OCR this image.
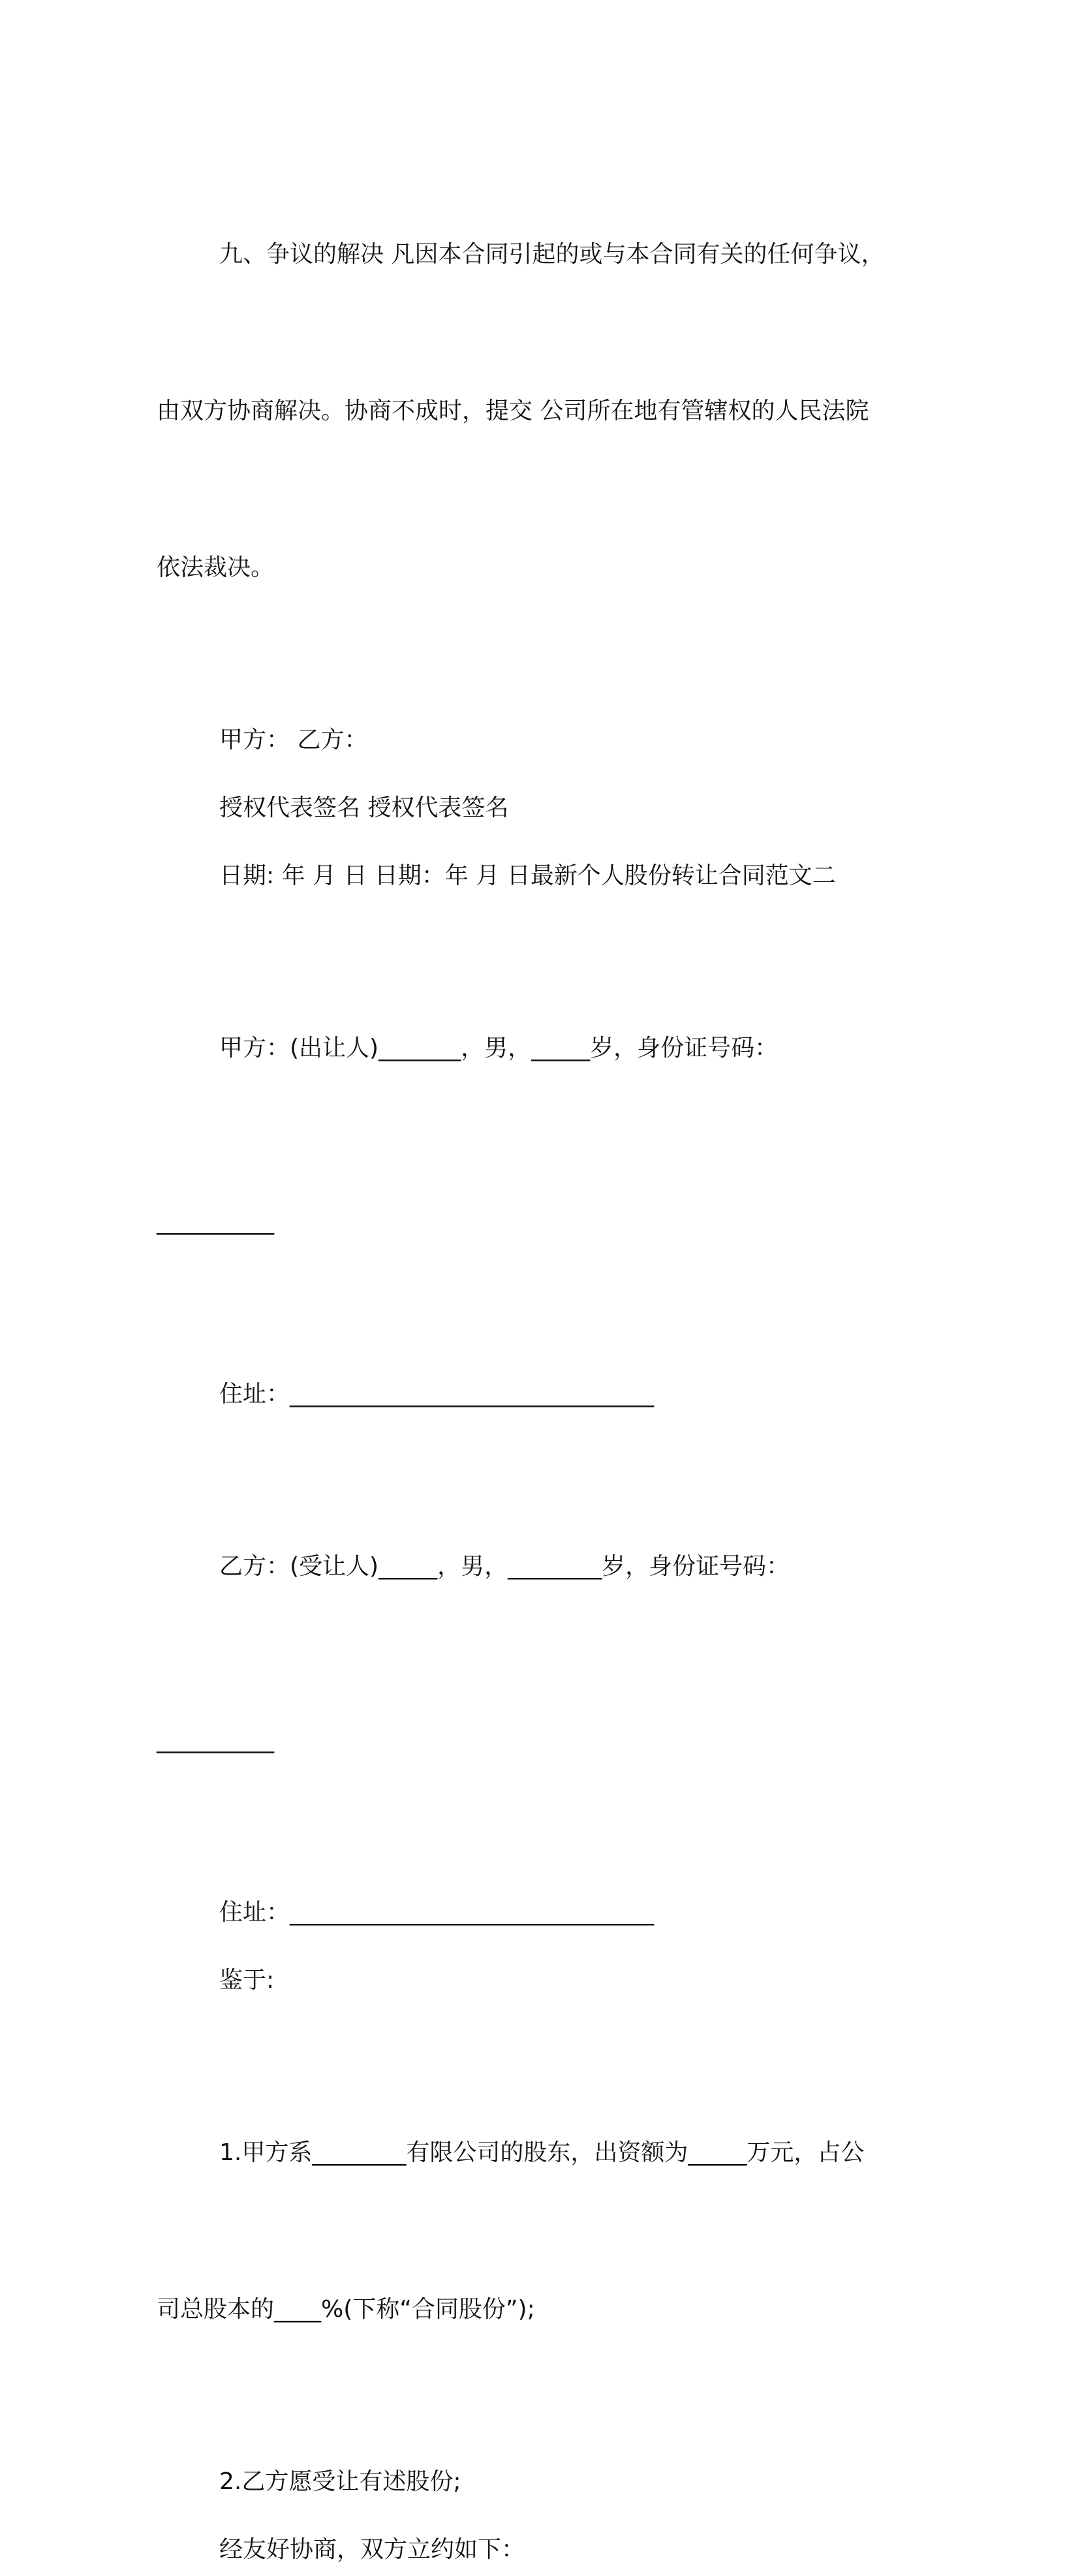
九、争议的解决 凡因本合同引起的或与本合同有关的任何争议，

由双方协商解决。协商不成时，提交 公司所在地有管辖权的人民法院

依法裁决。

甲方： 乙方：

授权代表签名 授权代表签名

日期: 年 月 日 日期：年 月 日最新个人股份转让合同范文二

甲方：(出让人)_______，男，_____岁，身份证号码：

__________

住址：_______________________________

乙方：(受让人)_____，男，________岁，身份证号码：

__________

住址：_______________________________

鉴于:

1.甲方系________有限公司的股东，出资额为_____万元，占公

司总股本的____%(下称“合同股份”);

2.乙方愿受让有述股份;

经友好协商，双方立约如下：
